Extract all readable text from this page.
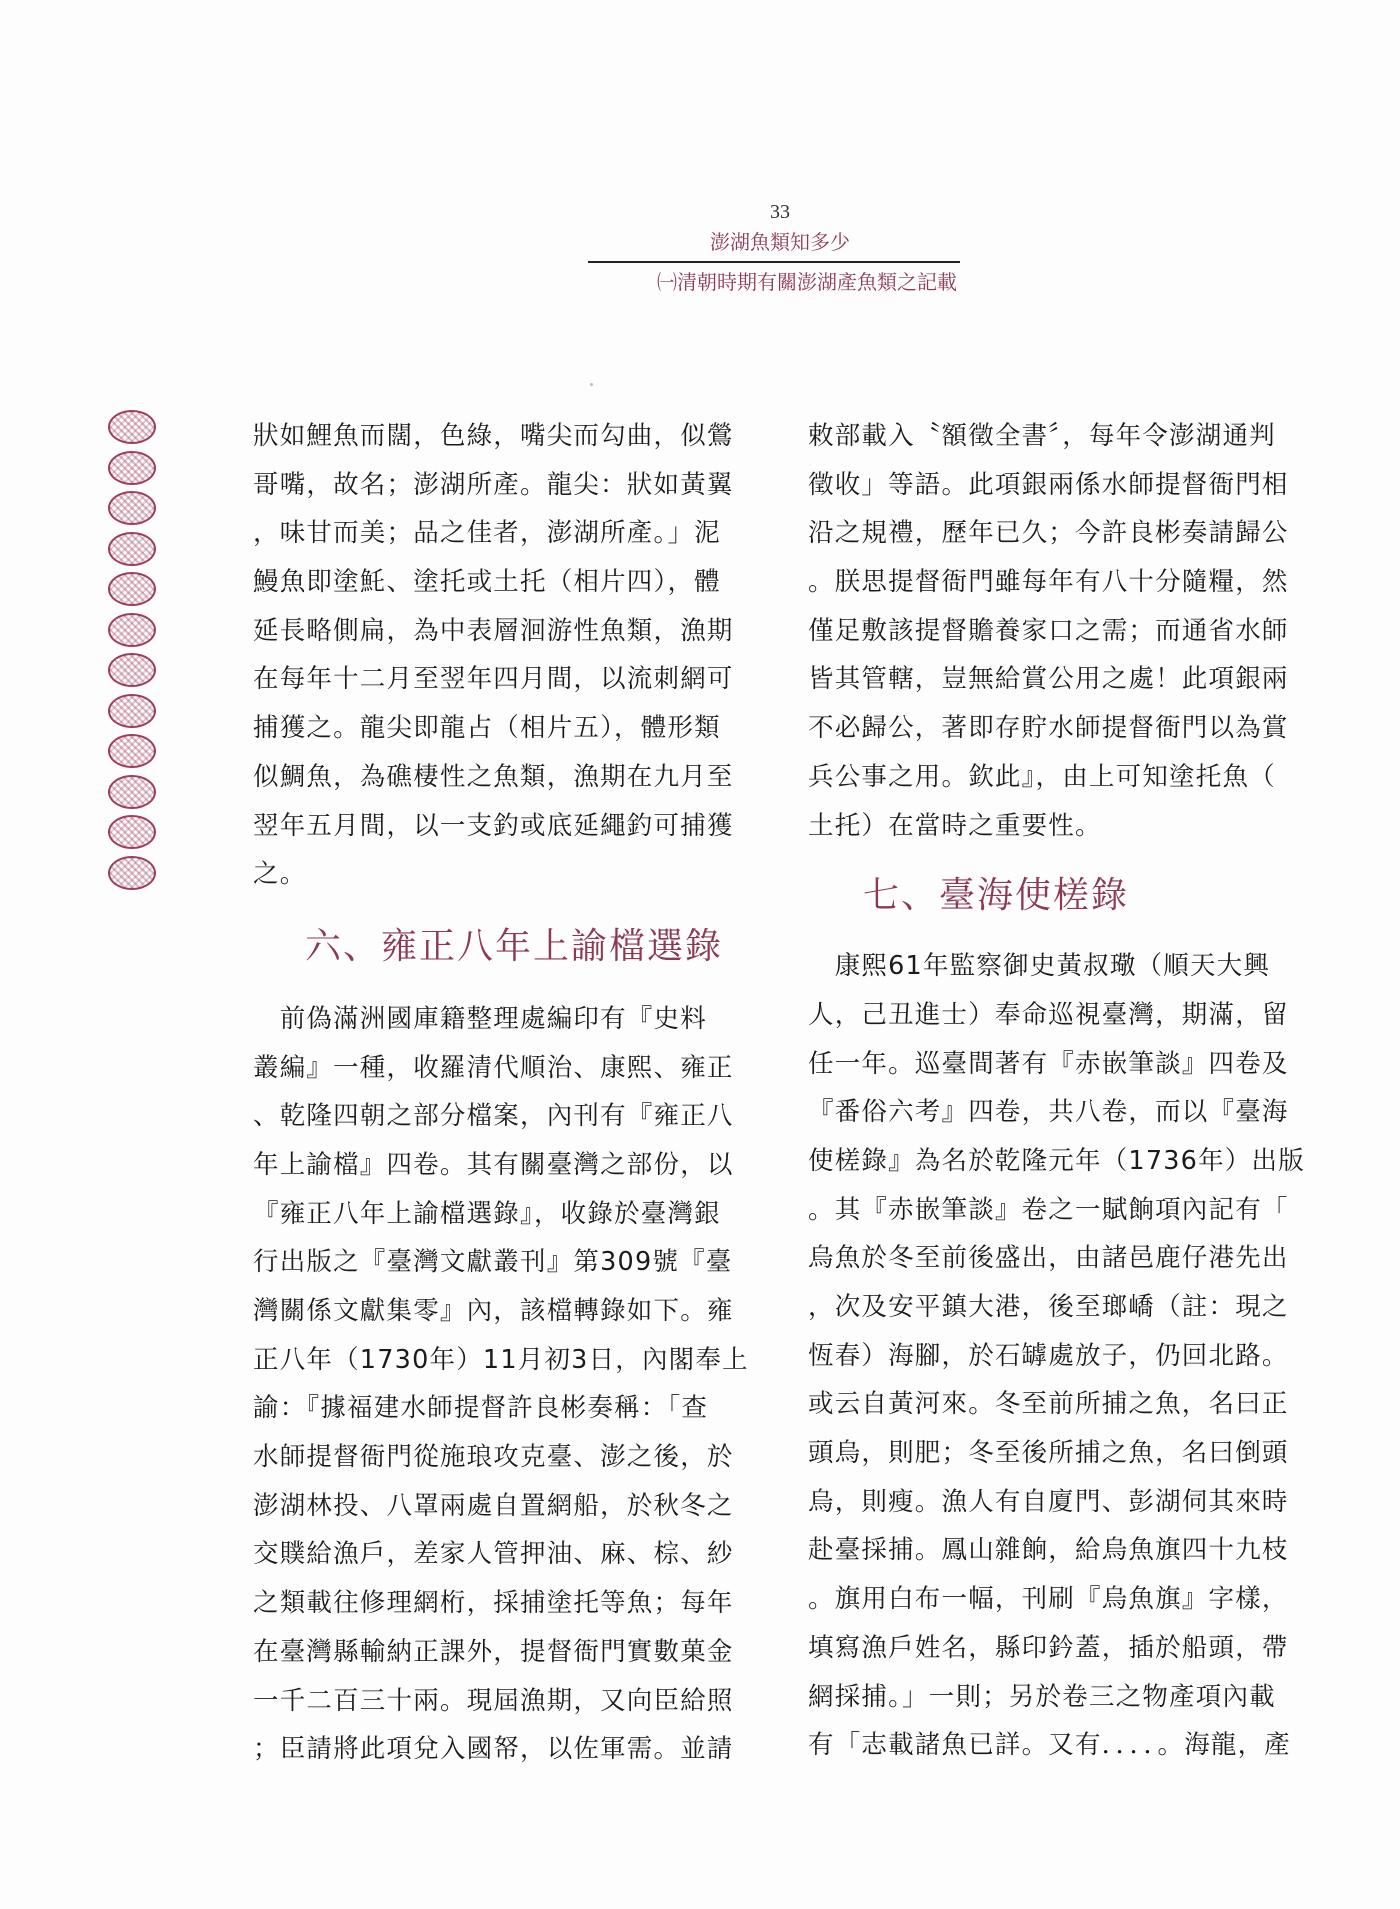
33
澎湖魚類知多少
㈠清朝時期有關澎湖產魚類之記載
狀如鯉魚而闊，色綠，嘴尖而勾曲，似鶯
哥嘴，故名；澎湖所產。龍尖：狀如黃翼
，味甘而美；品之佳者，澎湖所產。」泥
鰻魚即塗魠、塗托或土托（相片四），體
延長略側扁，為中表層洄游性魚類，漁期
在每年十二月至翌年四月間，以流刺網可
捕獲之。龍尖即龍占（相片五），體形類
似鯛魚，為礁棲性之魚類，漁期在九月至
翌年五月間，以一支釣或底延繩釣可捕獲
之。
六、雍正八年上諭檔選錄
　前偽滿洲國庫籍整理處編印有『史料
叢編』一種，收羅清代順治、康熙、雍正
、乾隆四朝之部分檔案，內刊有『雍正八
年上諭檔』四卷。其有關臺灣之部份，以
『雍正八年上諭檔選錄』，收錄於臺灣銀
行出版之『臺灣文獻叢刊』第309號『臺
灣關係文獻集零』內，該檔轉錄如下。雍
正八年（1730年）11月初3日，內閣奉上
諭：『據福建水師提督許良彬奏稱：「查
水師提督衙門從施琅攻克臺、澎之後，於
澎湖林投、八罩兩處自置網船，於秋冬之
交贌給漁戶，差家人管押油、麻、棕、紗
之類載往修理網桁，採捕塗托等魚；每年
在臺灣縣輸納正課外，提督衙門實數菓金
一千二百三十兩。現屆漁期，又向臣給照
；臣請將此項兌入國帑，以佐軍需。並請
敕部載入〝額徵全書〞，每年令澎湖通判
徵收」等語。此項銀兩係水師提督衙門相
沿之規禮，歷年已久；今許良彬奏請歸公
。朕思提督衙門雖每年有八十分隨糧，然
僅足敷該提督贍養家口之需；而通省水師
皆其管轄，豈無給賞公用之處！此項銀兩
不必歸公，著即存貯水師提督衙門以為賞
兵公事之用。欽此』，由上可知塗托魚（
土托）在當時之重要性。
七、臺海使槎錄
　康熙61年監察御史黃叔璥（順天大興
人，己丑進士）奉命巡視臺灣，期滿，留
任一年。巡臺間著有『赤嵌筆談』四卷及
『番俗六考』四卷，共八卷，而以『臺海
使槎錄』為名於乾隆元年（1736年）出版
。其『赤嵌筆談』卷之一賦餉項內記有「
烏魚於冬至前後盛出，由諸邑鹿仔港先出
，次及安平鎮大港，後至瑯嶠（註：現之
恆春）海腳，於石罅處放子，仍回北路。
或云自黃河來。冬至前所捕之魚，名曰正
頭烏，則肥；冬至後所捕之魚，名曰倒頭
烏，則瘦。漁人有自廈門、彭湖伺其來時
赴臺採捕。鳳山雜餉，給烏魚旗四十九枝
。旗用白布一幅，刊刷『烏魚旗』字樣，
填寫漁戶姓名，縣印鈐蓋，插於船頭，帶
網採捕。」一則；另於卷三之物產項內載
有「志載諸魚已詳。又有．．．．。海龍，產
